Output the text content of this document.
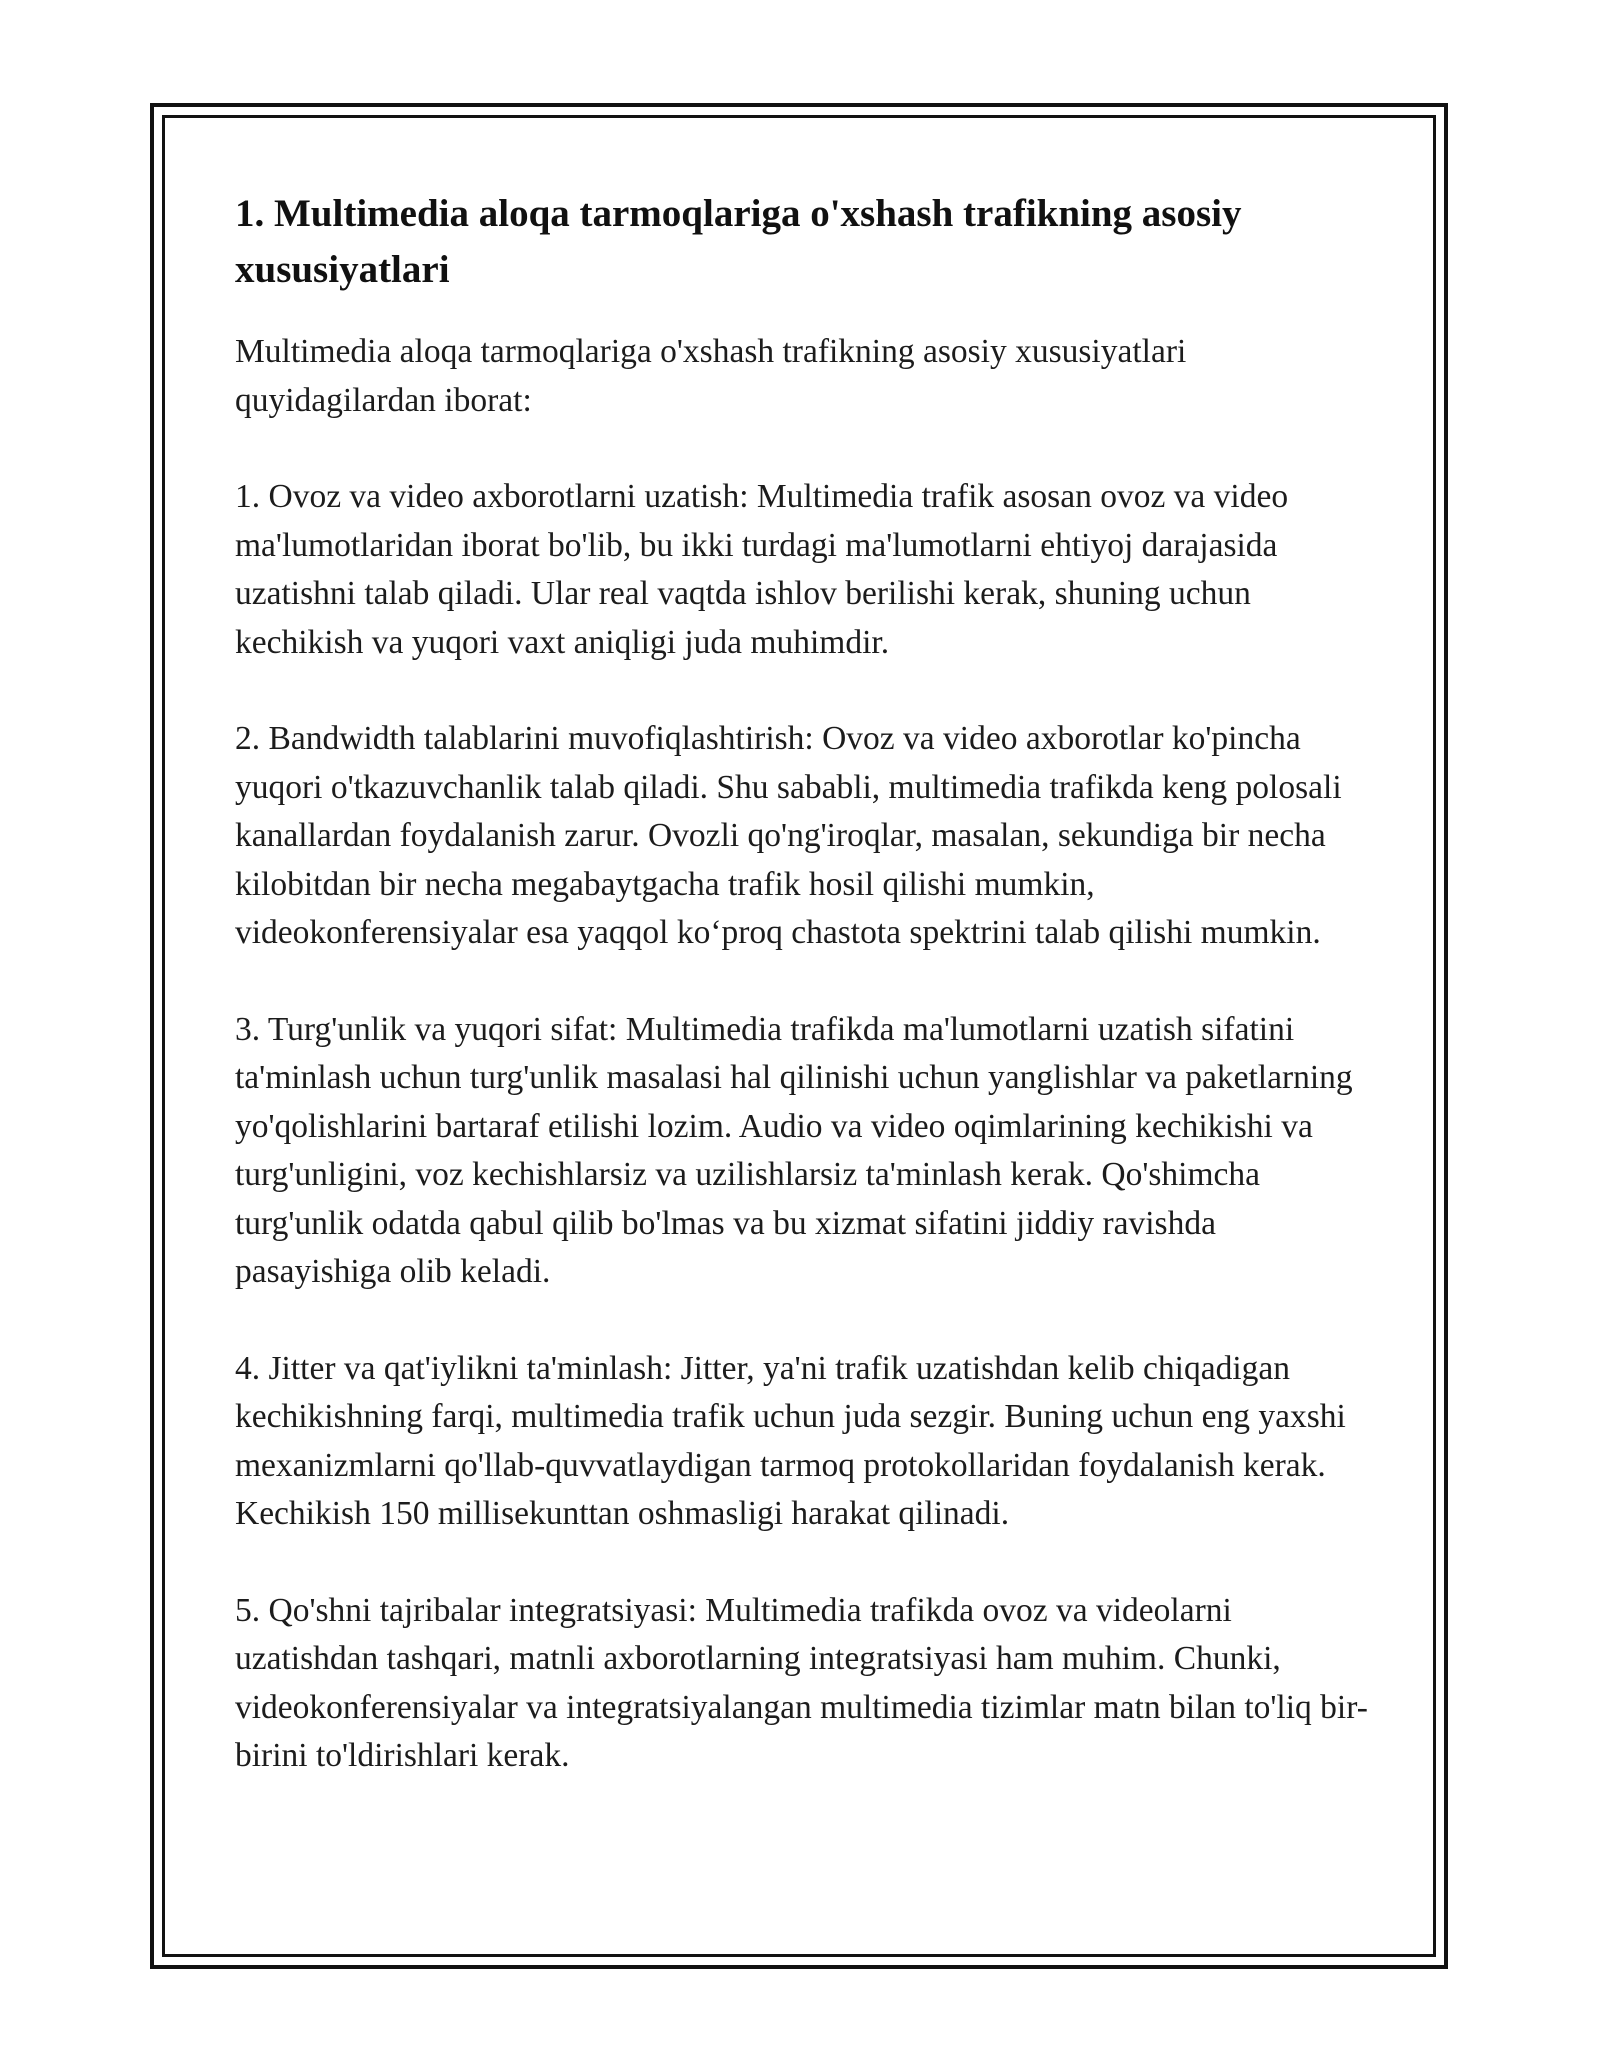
1. Multimedia aloqa tarmoqlariga o'xshash trafikning asosiy xususiyatlari

Multimedia aloqa tarmoqlariga o'xshash trafikning asosiy xususiyatlari quyidagilardan iborat:

1. Ovoz va video axborotlarni uzatish: Multimedia trafik asosan ovoz va video ma'lumotlaridan iborat bo'lib, bu ikki turdagi ma'lumotlarni ehtiyoj darajasida uzatishni talab qiladi. Ular real vaqtda ishlov berilishi kerak, shuning uchun kechikish va yuqori vaxt aniqligi juda muhimdir.

2. Bandwidth talablarini muvofiqlashtirish: Ovoz va video axborotlar ko'pincha yuqori o'tkazuvchanlik talab qiladi. Shu sababli, multimedia trafikda keng polosali kanallardan foydalanish zarur. Ovozli qo'ng'iroqlar, masalan, sekundiga bir necha kilobitdan bir necha megabaytgacha trafik hosil qilishi mumkin, videokonferensiyalar esa yaqqol ko‘proq chastota spektrini talab qilishi mumkin.

3. Turg'unlik va yuqori sifat: Multimedia trafikda ma'lumotlarni uzatish sifatini ta'minlash uchun turg'unlik masalasi hal qilinishi uchun yanglishlar va paketlarning yo'qolishlarini bartaraf etilishi lozim. Audio va video oqimlarining kechikishi va turg'unligini, voz kechishlarsiz va uzilishlarsiz ta'minlash kerak. Qo'shimcha turg'unlik odatda qabul qilib bo'lmas va bu xizmat sifatini jiddiy ravishda pasayishiga olib keladi.

4. Jitter va qat'iylikni ta'minlash: Jitter, ya'ni trafik uzatishdan kelib chiqadigan kechikishning farqi, multimedia trafik uchun juda sezgir. Buning uchun eng yaxshi mexanizmlarni qo'llab-quvvatlaydigan tarmoq protokollaridan foydalanish kerak. Kechikish 150 millisekunttan oshmasligi harakat qilinadi.

5. Qo'shni tajribalar integratsiyasi: Multimedia trafikda ovoz va videolarni uzatishdan tashqari, matnli axborotlarning integratsiyasi ham muhim. Chunki, videokonferensiyalar va integratsiyalangan multimedia tizimlar matn bilan to'liq bir-birini to'ldirishlari kerak.
